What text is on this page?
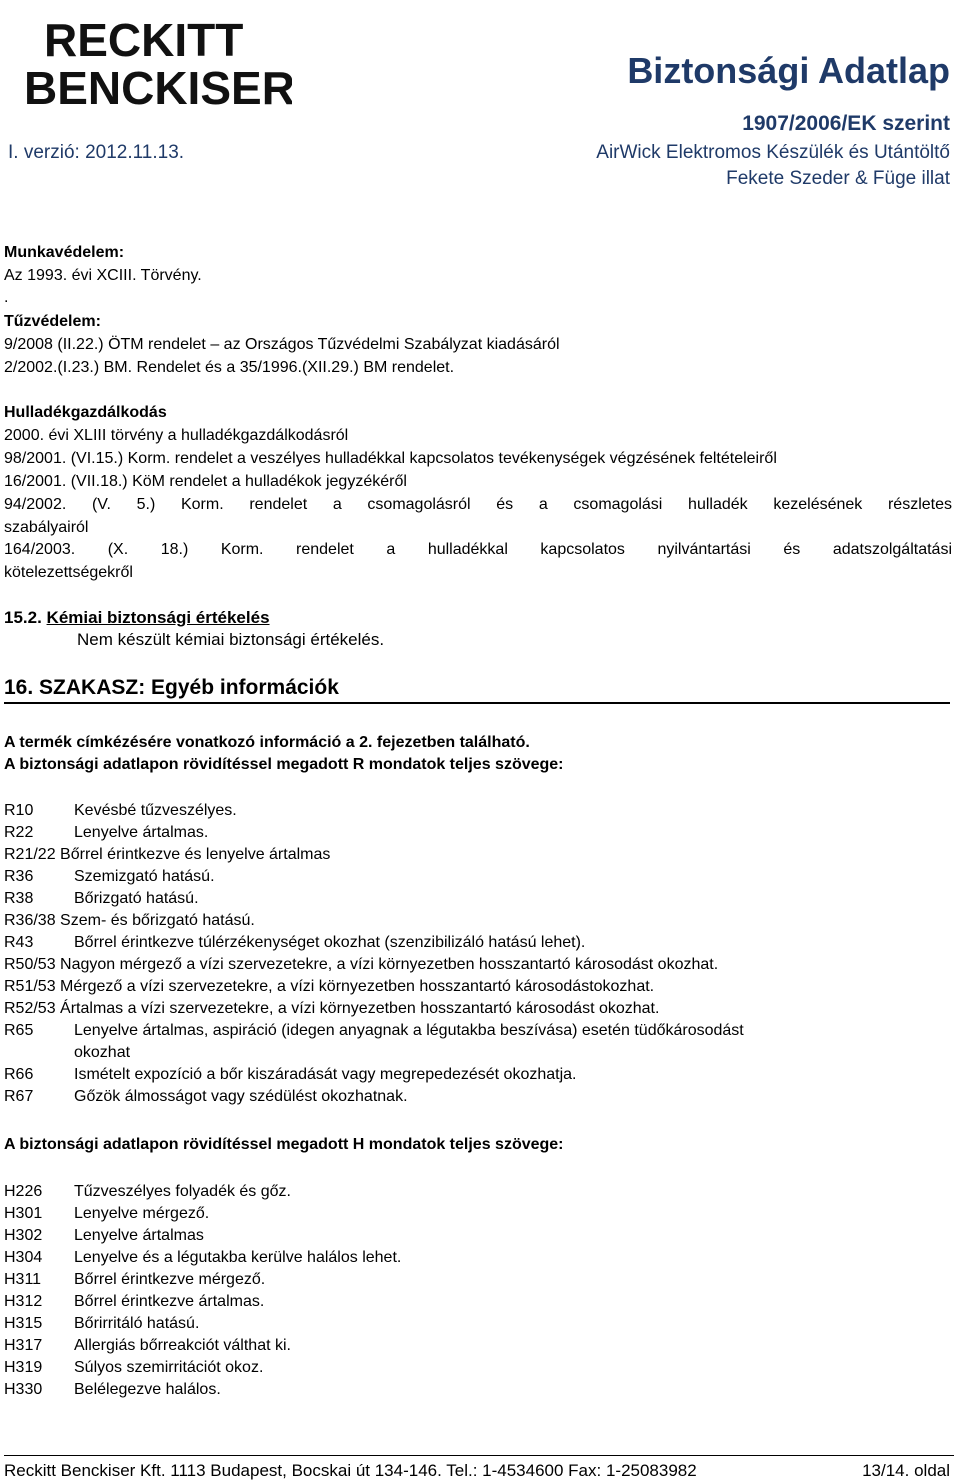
RECKITT
BENCKISER	Biztonsági Adatlap
1907/2006/EK szerint
I. verzió: 2012.11.13.	AirWick Elektromos Készülék és Utántöltő
Fekete Szeder & Füge illat
Munkavédelem:
Az 1993. évi XCIII. Törvény.
.
Tűzvédelem:
9/2008 (II.22.) ÖTM rendelet – az Országos Tűzvédelmi Szabályzat kiadásáról
2/2002.(I.23.) BM. Rendelet és a 35/1996.(XII.29.) BM rendelet.
Hulladékgazdálkodás
2000. évi XLIII törvény a hulladékgazdálkodásról
98/2001. (VI.15.) Korm. rendelet a veszélyes hulladékkal kapcsolatos tevékenységek végzésének feltételeiről
16/2001. (VII.18.) KöM rendelet a hulladékok jegyzékéről
94/2002. (V. 5.) Korm. rendelet a csomagolásról és a csomagolási hulladék kezelésének részletes
szabályairól
164/2003. (X. 18.) Korm. rendelet a hulladékkal kapcsolatos nyilvántartási és adatszolgáltatási
kötelezettségekről
15.2. Kémiai biztonsági értékelés
Nem készült kémiai biztonsági értékelés.
16. SZAKASZ: Egyéb információk
A termék címkézésére vonatkozó információ a 2. fejezetben található.
A biztonsági adatlapon rövidítéssel megadott R mondatok teljes szövege:
R10	Kevésbé tűzveszélyes.
R22	Lenyelve ártalmas.
R21/22 Bőrrel érintkezve és lenyelve ártalmas
R36	Szemizgató hatású.
R38	Bőrizgató hatású.
R36/38 Szem- és bőrizgató hatású.
R43	Bőrrel érintkezve túlérzékenységet okozhat (szenzibilizáló hatású lehet).
R50/53 Nagyon mérgező a vízi szervezetekre, a vízi környezetben hosszantartó károsodást okozhat.
R51/53 Mérgező a vízi szervezetekre, a vízi környezetben hosszantartó károsodástokozhat.
R52/53 Ártalmas a vízi szervezetekre, a vízi környezetben hosszantartó károsodást okozhat.
R65	Lenyelve ártalmas, aspiráció (idegen anyagnak a légutakba beszívása) esetén tüdőkárosodást
okozhat
R66	Ismételt expozíció a bőr kiszáradását vagy megrepedezését okozhatja.
R67	Gőzök álmosságot vagy szédülést okozhatnak.
A biztonsági adatlapon rövidítéssel megadott H mondatok teljes szövege:
H226 Tűzveszélyes folyadék és gőz.
H301 Lenyelve mérgező.
H302 Lenyelve ártalmas
H304 Lenyelve és a légutakba kerülve halálos lehet.
H311 Bőrrel érintkezve mérgező.
H312 Bőrrel érintkezve ártalmas.
H315 Bőrirritáló hatású.
H317 Allergiás bőrreakciót válthat ki.
H319 Súlyos szemirritációt okoz.
H330 Belélegezve halálos.
Reckitt Benckiser Kft. 1113 Budapest, Bocskai út 134-146. Tel.: 1-4534600 Fax: 1-25083982	13/14. oldal
